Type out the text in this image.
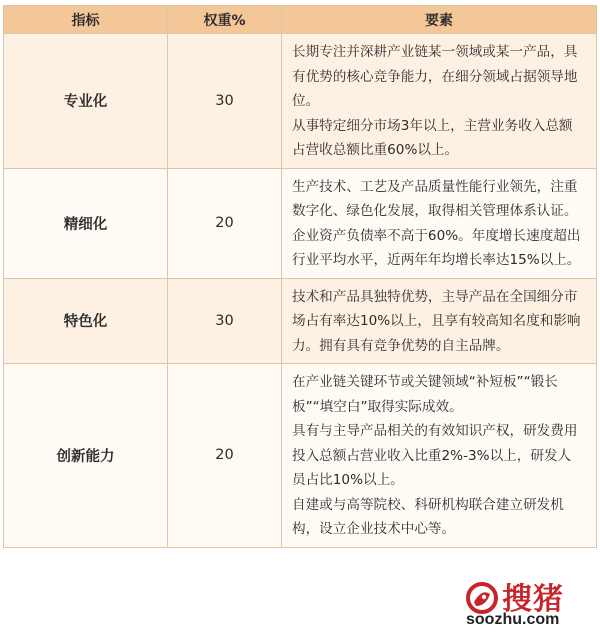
指标	权重%	要素
专业化	30	长期专注并深耕产业链某一领域或某一产品，具有优势的核心竞争能力，在细分领域占据领导地位。

从事特定细分市场3年以上，主营业务收入总额占营收总额比重60%以上。

精细化	20	生产技术、工艺及产品质量性能行业领先，注重数字化、绿色化发展，取得相关管理体系认证。企业资产负债率不高于60%。年度增长速度超出行业平均水平，近两年年均增长率达15%以上。

特色化	30	技术和产品具独特优势，主导产品在全国细分市场占有率达10%以上，且享有较高知名度和影响力。拥有具有竞争优势的自主品牌。

创新能力	20	在产业链关键环节或关键领域“补短板”“锻长板”“填空白”取得实际成效。

具有与主导产品相关的有效知识产权，研发费用投入总额占营业收入比重2%-3%以上，研发人员占比10%以上。

自建或与高等院校、科研机构联合建立研发机构，设立企业技术中心等。

搜猪
soozhu.com
